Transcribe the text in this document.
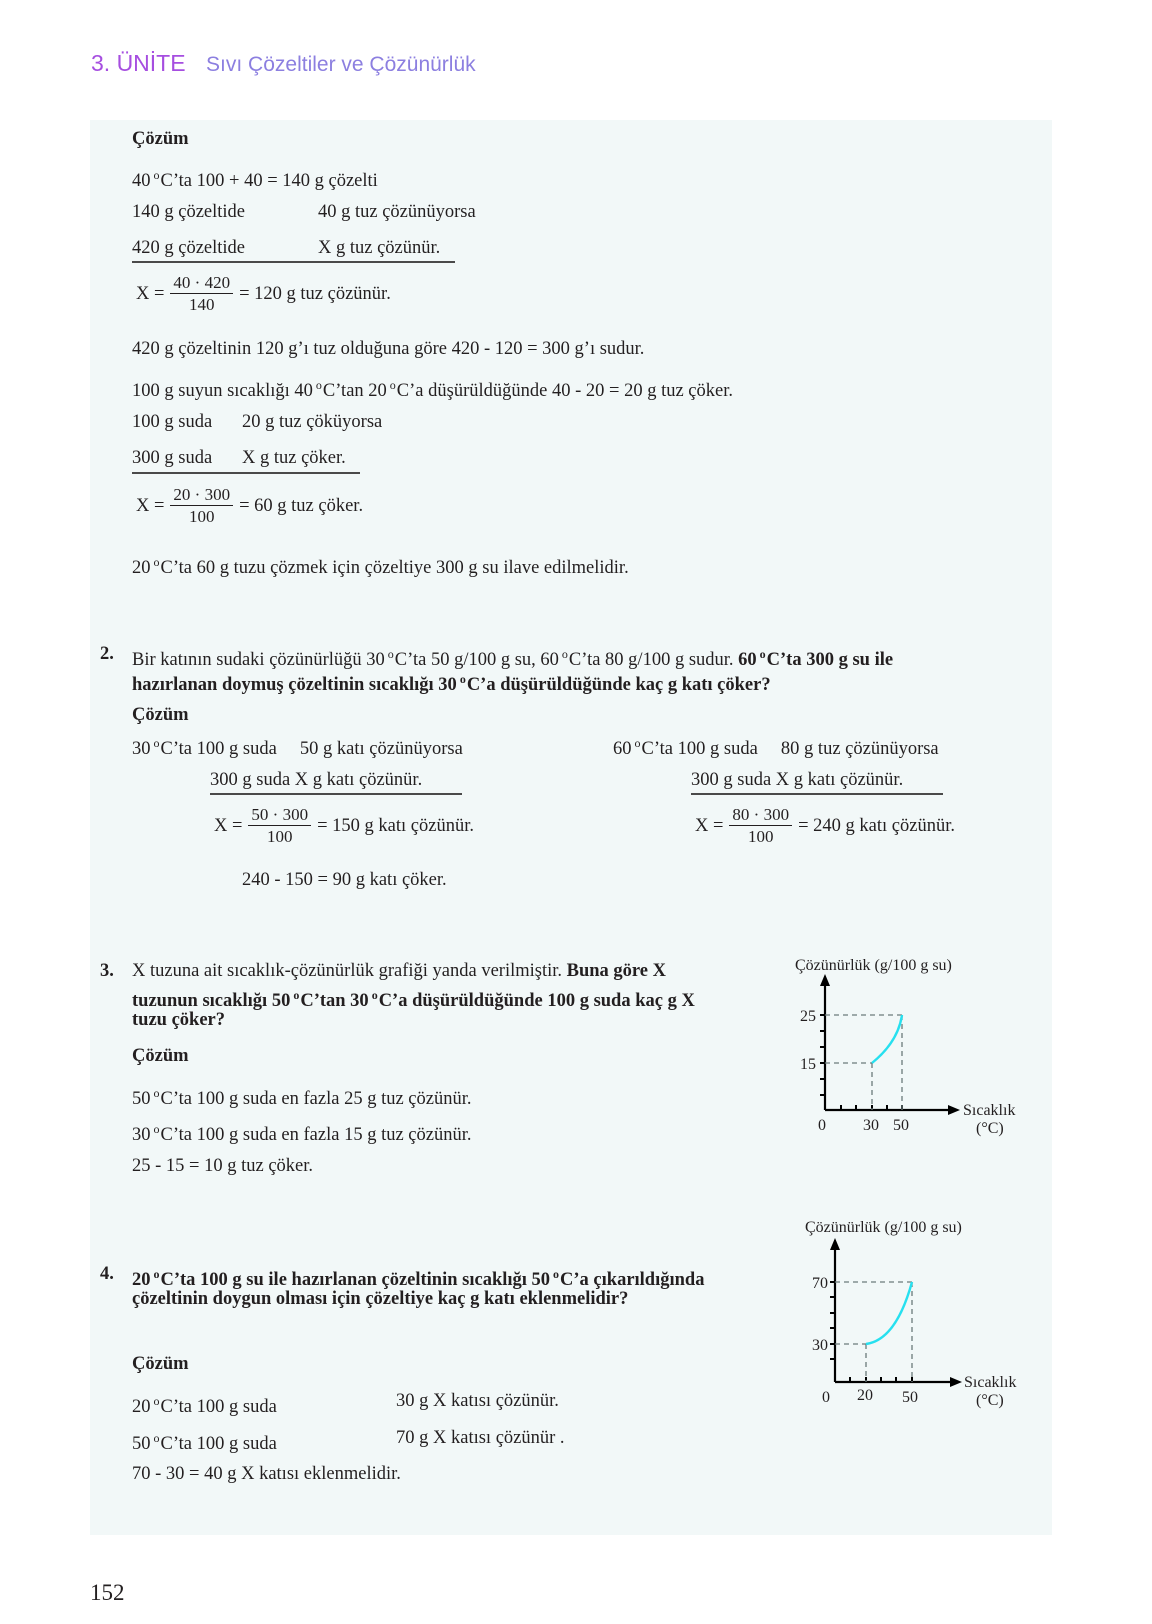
3. ÜNİTE Sıvı Çözeltiler ve Çözünürlük
Çözüm
40 $^o$C’ta 100 + 40 = 140 g çözelti
140 g çözeltide	40 g tuz çözünüyorsa
420 g çözeltide	X g tuz çözünür.
$X = \frac{40 \cdot 420}{140} = 120$ g tuz çözünür.
420 g çözeltinin 120 g’ı tuz olduğuna göre 420 - 120 = 300 g’ı sudur.
100 g suyun sıcaklığı 40 $^o$C’tan 20 $^o$C’a düşürüldüğünde 40 - 20 = 20 g tuz çöker.
100 g suda 20 g tuz çöküyorsa
300 g suda X g tuz çöker.
$X = \frac{20 \cdot 300}{100} = 60$ g tuz çöker.
20 $^o$C’ta 60 g tuzu çözmek için çözeltiye 300 g su ilave edilmelidir.
2. Bir katının sudaki çözünürlüğü 30 $^o$C’ta 50 g/100 g su, 60 $^o$C’ta 80 g/100 g sudur. 60 $^o$C’ta 300 g su ile
hazırlanan doymuş çözeltinin sıcaklığı 30 $^o$C’a düşürüldüğünde kaç g katı çöker?
Çözüm
30 $^o$C’ta 100 g suda     50 g katı çözünüyorsa
300 g suda X g katı çözünür.
$X = \frac{50 \cdot 300}{100} = 150$ g katı çözünür.
240 - 150 = 90 g katı çöker.
60 $^o$C’ta 100 g suda     80 g tuz çözünüyorsa
300 g suda X g katı çözünür.
$X = \frac{80 \cdot 300}{100} = 240$ g katı çözünür.
3. X tuzuna ait sıcaklık-çözünürlük grafiği yanda verilmiştir. Buna göre X
tuzunun sıcaklığı 50 $^o$C’tan 30 $^o$C’a düşürüldüğünde 100 g suda kaç g X
tuzu çöker?
Çözüm
50 $^o$C’ta 100 g suda en fazla 25 g tuz çözünür.
30 $^o$C’ta 100 g suda en fazla 15 g tuz çözünür.
25 - 15 = 10 g tuz çöker.
Çözünürlük (g/100 g su)
25
15
0 30 50
Sıcaklık
(°C)
4. 20 $^o$C’ta 100 g su ile hazırlanan çözeltinin sıcaklığı 50 $^o$C’a çıkarıldığında
çözeltinin doygun olması için çözeltiye kaç g katı eklenmelidir?
Çözüm
20 $^o$C’ta 100 g suda	30 g X katısı çözünür.
50 $^o$C’ta 100 g suda	70 g X katısı çözünür .
70 - 30 = 40 g X katısı eklenmelidir.
Çözünürlük (g/100 g su)
70
30
0 20 50
Sıcaklık
(°C)
152
